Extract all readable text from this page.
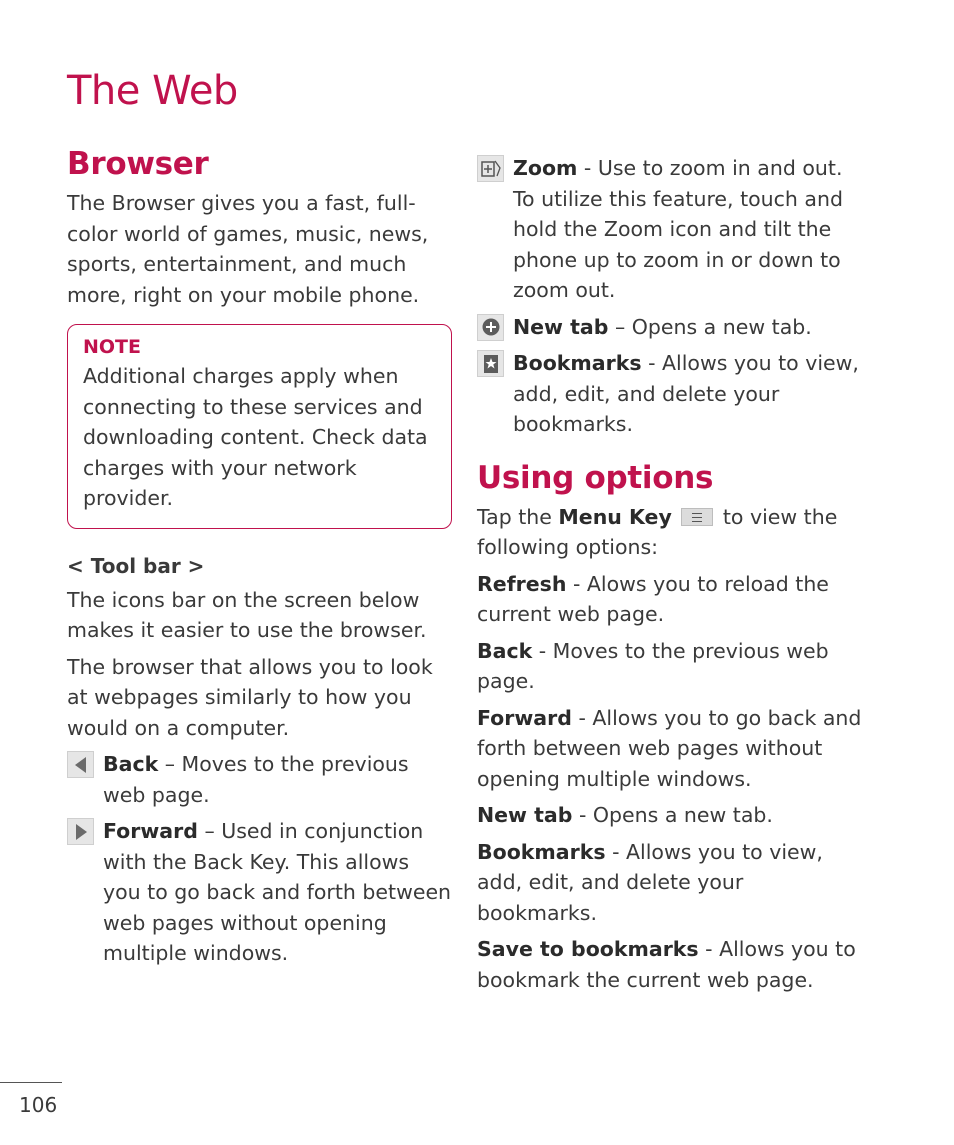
The Web
Browser

The Browser gives you a fast, full-color world of games, music, news, sports, entertainment, and much more, right on your mobile phone.

NOTE

Additional charges apply when connecting to these services and downloading content. Check data charges with your network provider.

< Tool bar >

The icons bar on the screen below makes it easier to use the browser.

The browser that allows you to look at webpages similarly to how you would on a computer.

Back – Moves to the previous web page.

Forward – Used in conjunction with the Back Key. This allows you to go back and forth between web pages without opening multiple windows.

Zoom - Use to zoom in and out. To utilize this feature, touch and hold the Zoom icon and tilt the phone up to zoom in or down to zoom out.

New tab – Opens a new tab.

Bookmarks - Allows you to view, add, edit, and delete your bookmarks.

Using options

Tap the Menu Key
to view the following options:

Refresh - Alows you to reload the current web page.

Back - Moves to the previous web page.

Forward - Allows you to go back and forth between web pages without opening multiple windows.

New tab - Opens a new tab.

Bookmarks - Allows you to view, add, edit, and delete your bookmarks.

Save to bookmarks - Allows you to bookmark the current web page.

106
